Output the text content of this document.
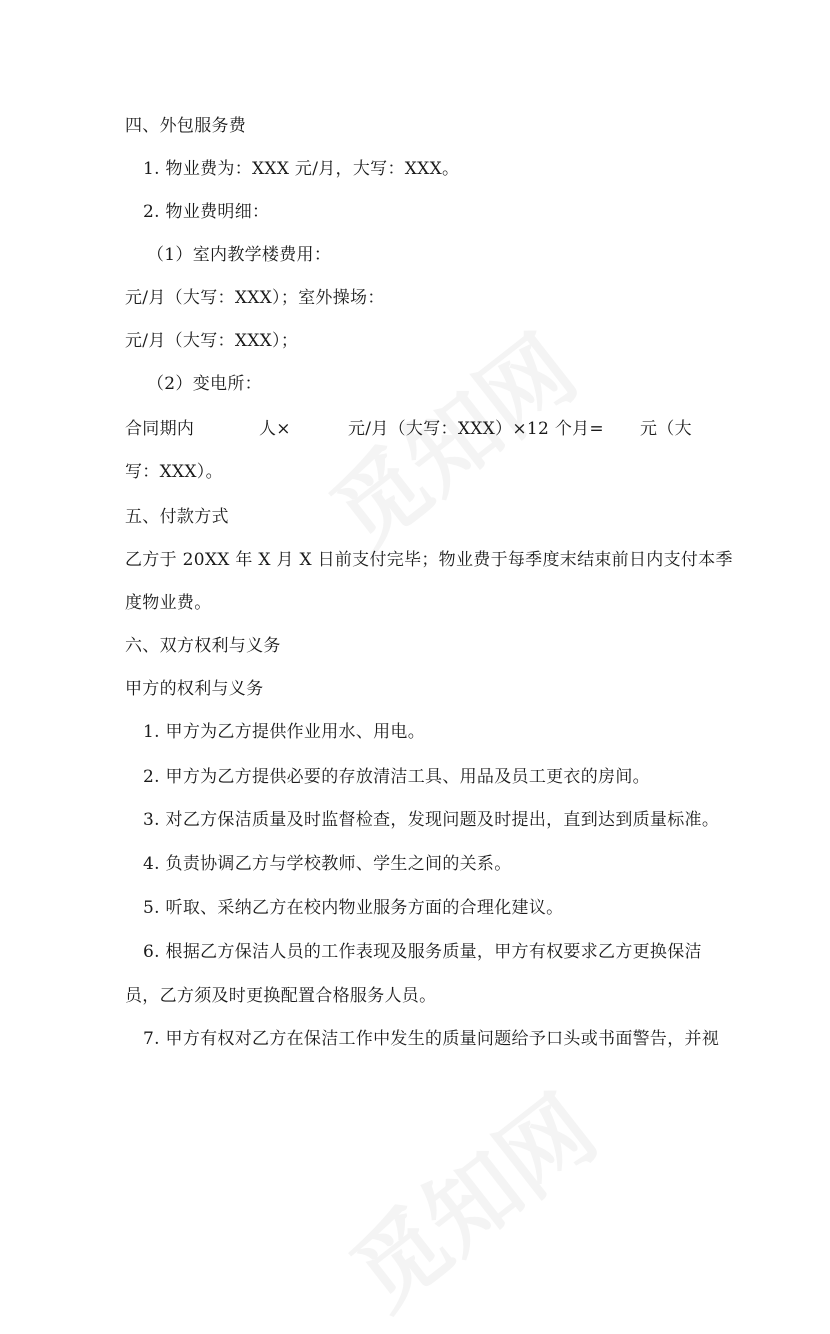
四、外包服务费
1. 物业费为：XXX 元/月，大写：XXX。
2. 物业费明细：
（1）室内教学楼费用：
元/月（大写：XXX）；室外操场：
元/月（大写：XXX）；
（2）变电所：
合同期内	人×	元/月（大写：XXX）×12 个月= 元（大
写：XXX）。
五、付款方式
乙方于 20XX 年 X 月 X 日前支付完毕；物业费于每季度末结束前日内支付本季
度物业费。
六、双方权利与义务
甲方的权利与义务
1. 甲方为乙方提供作业用水、用电。
2. 甲方为乙方提供必要的存放清洁工具、用品及员工更衣的房间。
3. 对乙方保洁质量及时监督检查，发现问题及时提出，直到达到质量标准。
4. 负责协调乙方与学校教师、学生之间的关系。
5. 听取、采纳乙方在校内物业服务方面的合理化建议。
6. 根据乙方保洁人员的工作表现及服务质量，甲方有权要求乙方更换保洁
员，乙方须及时更换配置合格服务人员。
7. 甲方有权对乙方在保洁工作中发生的质量问题给予口头或书面警告，并视
